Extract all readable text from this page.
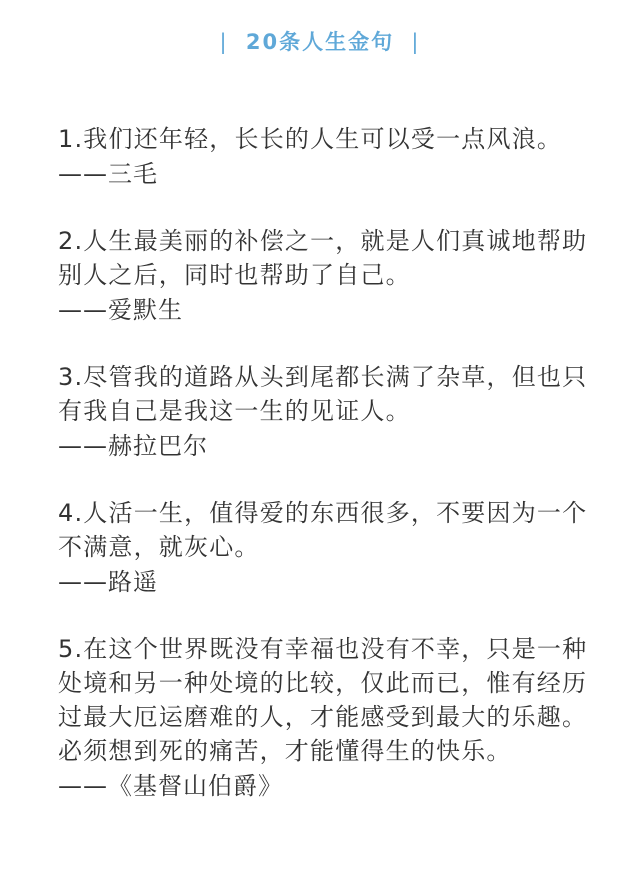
| 20条人生金句 |

1.我们还年轻，长长的人生可以受一点风浪。

——三毛

2.人生最美丽的补偿之一，就是人们真诚地帮助别人之后，同时也帮助了自己。

——爱默生

3.尽管我的道路从头到尾都长满了杂草，但也只有我自己是我这一生的见证人。

——赫拉巴尔

4.人活一生，值得爱的东西很多，不要因为一个不满意，就灰心。

——路遥

5.在这个世界既没有幸福也没有不幸，只是一种处境和另一种处境的比较，仅此而已，惟有经历过最大厄运磨难的人，才能感受到最大的乐趣。必须想到死的痛苦，才能懂得生的快乐。

——《基督山伯爵》
